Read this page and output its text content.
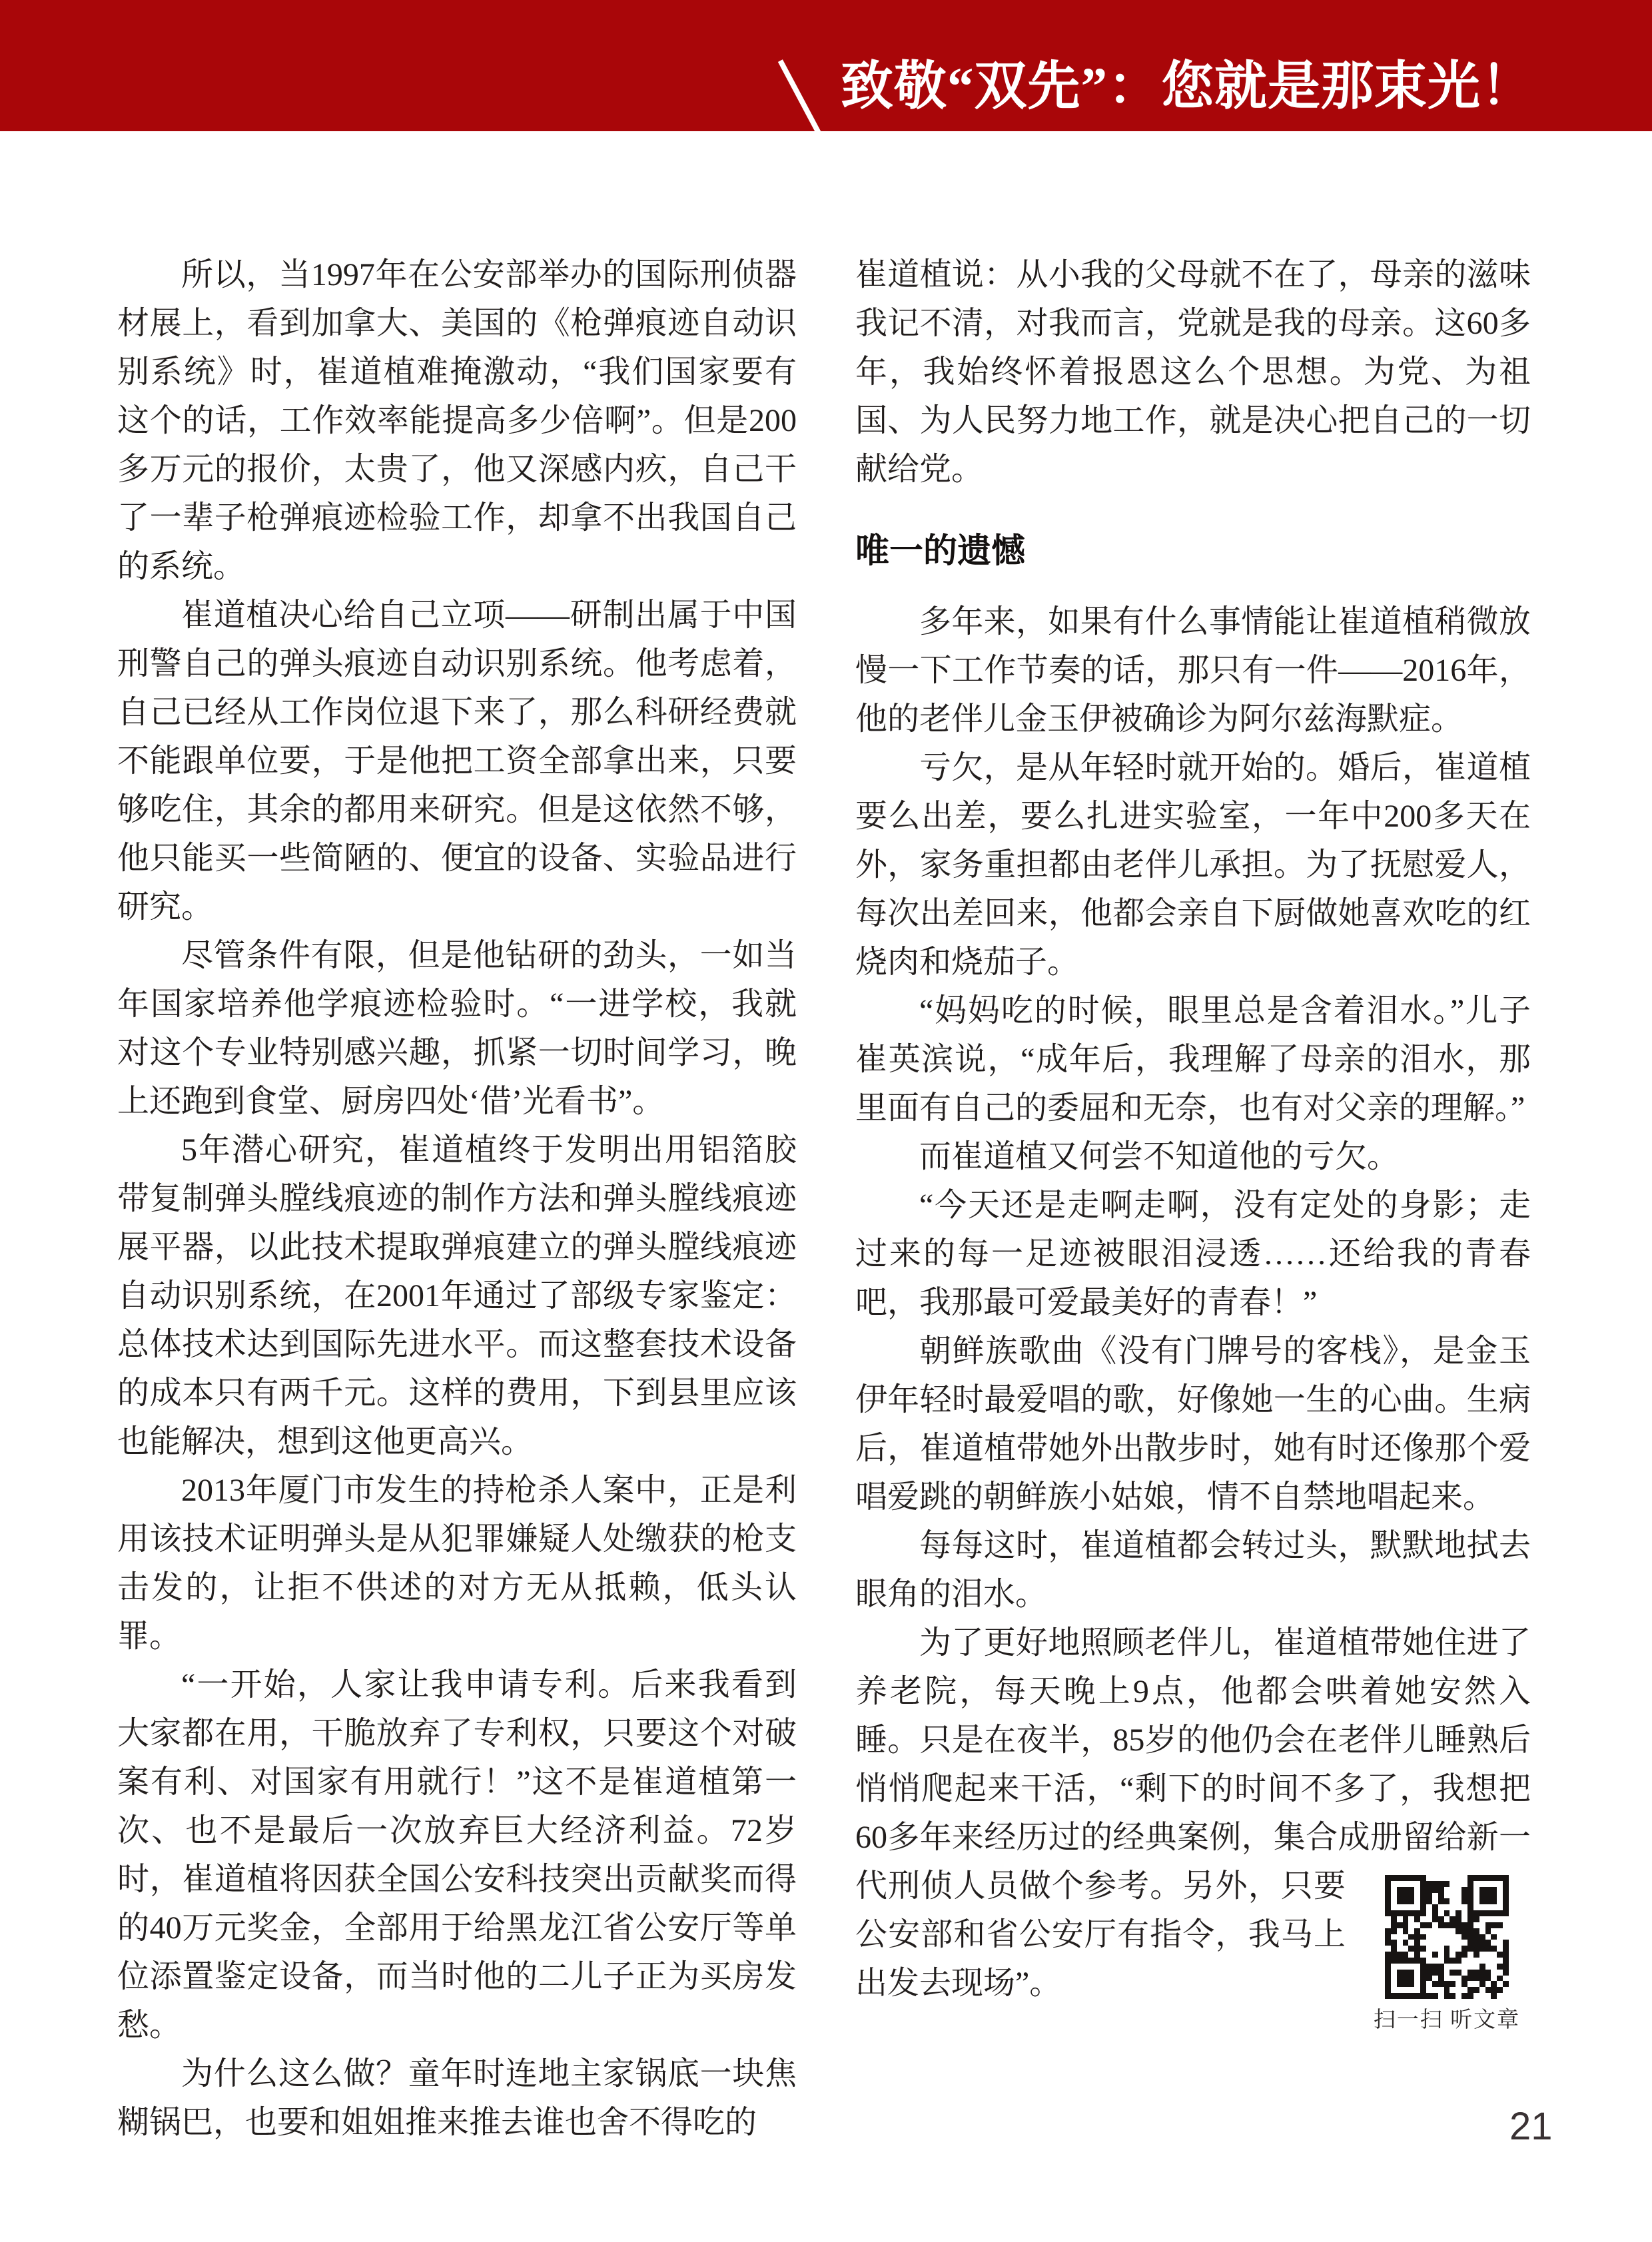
致敬“双先”：您就是那束光！

所以，当1997年在公安部举办的国际刑侦器材展上，看到加拿大、美国的《枪弹痕迹自动识别系统》时，崔道植难掩激动，“我们国家要有这个的话，工作效率能提高多少倍啊”。但是200多万元的报价，太贵了，他又深感内疚，自己干了一辈子枪弹痕迹检验工作，却拿不出我国自己的系统。

崔道植决心给自己立项——研制出属于中国刑警自己的弹头痕迹自动识别系统。他考虑着，自己已经从工作岗位退下来了，那么科研经费就不能跟单位要，于是他把工资全部拿出来，只要够吃住，其余的都用来研究。但是这依然不够，他只能买一些简陋的、便宜的设备、实验品进行研究。

尽管条件有限，但是他钻研的劲头，一如当年国家培养他学痕迹检验时。“一进学校，我就对这个专业特别感兴趣，抓紧一切时间学习，晚上还跑到食堂、厨房四处‘借’光看书”。

5年潜心研究，崔道植终于发明出用铝箔胶带复制弹头膛线痕迹的制作方法和弹头膛线痕迹展平器，以此技术提取弹痕建立的弹头膛线痕迹自动识别系统，在2001年通过了部级专家鉴定：总体技术达到国际先进水平。而这整套技术设备的成本只有两千元。这样的费用，下到县里应该也能解决，想到这他更高兴。

2013年厦门市发生的持枪杀人案中，正是利用该技术证明弹头是从犯罪嫌疑人处缴获的枪支击发的，让拒不供述的对方无从抵赖，低头认罪。

“一开始，人家让我申请专利。后来我看到大家都在用，干脆放弃了专利权，只要这个对破案有利、对国家有用就行！”这不是崔道植第一次、也不是最后一次放弃巨大经济利益。72岁时，崔道植将因获全国公安科技突出贡献奖而得的40万元奖金，全部用于给黑龙江省公安厅等单位添置鉴定设备，而当时他的二儿子正为买房发愁。

为什么这么做？童年时连地主家锅底一块焦糊锅巴，也要和姐姐推来推去谁也舍不得吃的

崔道植说：从小我的父母就不在了，母亲的滋味我记不清，对我而言，党就是我的母亲。这60多年，我始终怀着报恩这么个思想。为党、为祖国、为人民努力地工作，就是决心把自己的一切献给党。

唯一的遗憾

多年来，如果有什么事情能让崔道植稍微放慢一下工作节奏的话，那只有一件——2016年，他的老伴儿金玉伊被确诊为阿尔兹海默症。

亏欠，是从年轻时就开始的。婚后，崔道植要么出差，要么扎进实验室，一年中200多天在外，家务重担都由老伴儿承担。为了抚慰爱人，每次出差回来，他都会亲自下厨做她喜欢吃的红烧肉和烧茄子。

“妈妈吃的时候，眼里总是含着泪水。”儿子崔英滨说，“成年后，我理解了母亲的泪水，那里面有自己的委屈和无奈，也有对父亲的理解。”

而崔道植又何尝不知道他的亏欠。

“今天还是走啊走啊，没有定处的身影；走过来的每一足迹被眼泪浸透……还给我的青春吧，我那最可爱最美好的青春！”

朝鲜族歌曲《没有门牌号的客栈》，是金玉伊年轻时最爱唱的歌，好像她一生的心曲。生病后，崔道植带她外出散步时，她有时还像那个爱唱爱跳的朝鲜族小姑娘，情不自禁地唱起来。

每每这时，崔道植都会转过头，默默地拭去眼角的泪水。

为了更好地照顾老伴儿，崔道植带她住进了养老院，每天晚上9点，他都会哄着她安然入睡。只是在夜半，85岁的他仍会在老伴儿睡熟后悄悄爬起来干活，“剩下的时间不多了，我想把60多年来经历过的经典案例，集合成
扫一扫 听文章
册留给新一代刑侦人员做个参考。另外，只要公安部和省公安厅有指令，我马上出发去现场”。

21
